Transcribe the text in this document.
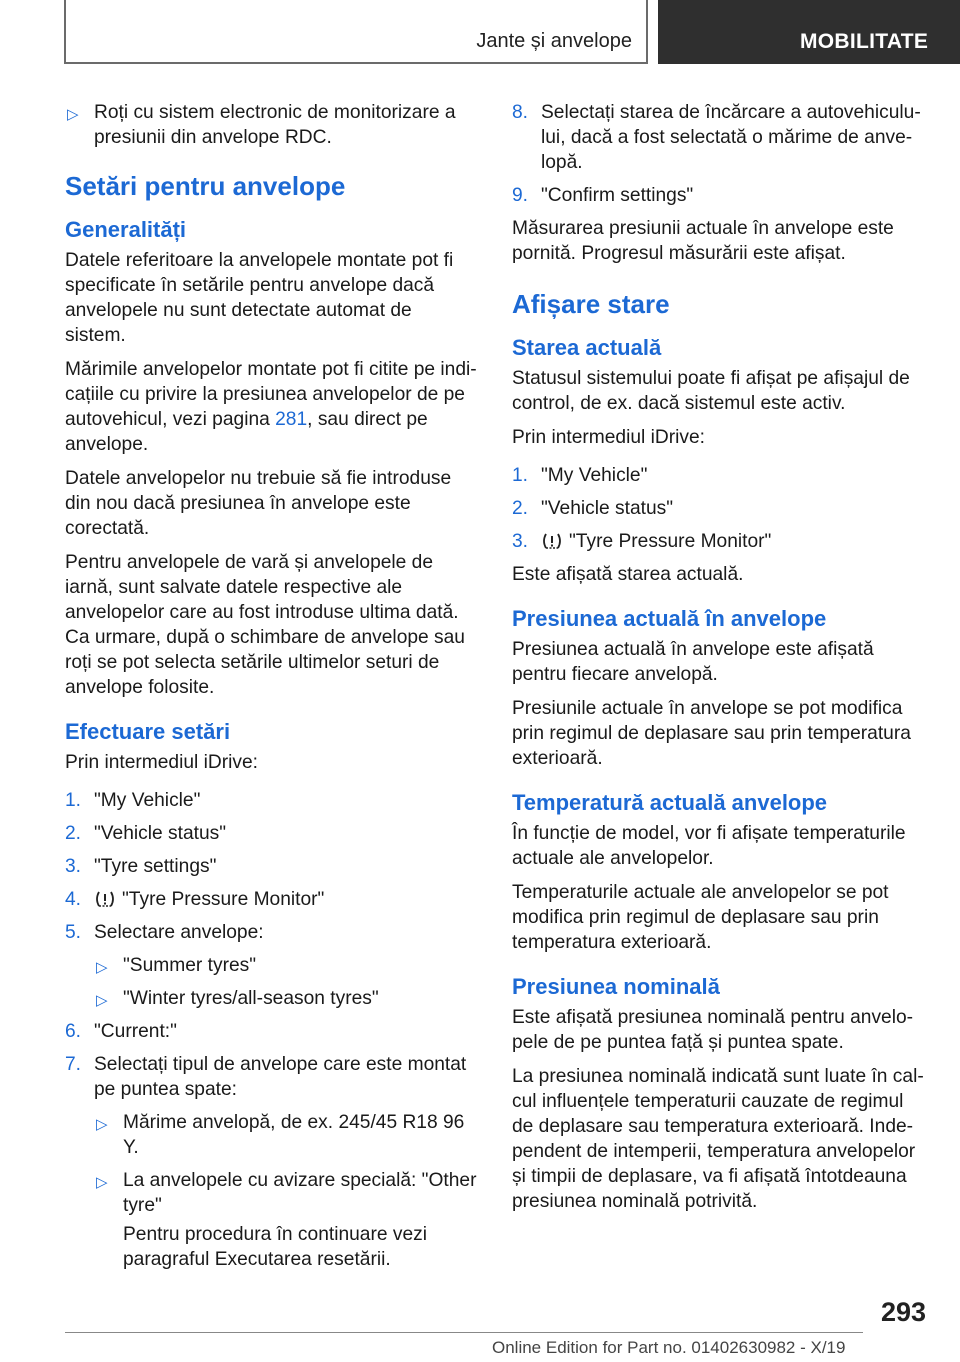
Jante și anvelope	MOBILITATE
▷ Roți cu sistem electronic de monitorizare a presiunii din anvelope RDC.
Setări pentru anvelope
Generalități

Datele referitoare la anvelopele montate pot fi specificate în setările pentru anvelope dacă anvelopele nu sunt detectate automat de sistem.

Mărimile anvelopelor montate pot fi citite pe indicațiile cu privire la presiunea anvelopelor de pe autovehicul, vezi pagina 281, sau direct pe anvelope.

Datele anvelopelor nu trebuie să fie introduse din nou dacă presiunea în anvelope este corectată.

Pentru anvelopele de vară și anvelopele de iarnă, sunt salvate datele respective ale anvelopelor care au fost introduse ultima dată. Ca urmare, după o schimbare de anvelope sau roți se pot selecta setările ultimelor seturi de anvelope folosite.

Efectuare setări

Prin intermediul iDrive:

1. "My Vehicle"
2. "Vehicle status"
3. "Tyre settings"
4. "Tyre Pressure Monitor"
5. Selectare anvelope:
▷ "Summer tyres"
▷ "Winter tyres/all-season tyres"
6. "Current:"
7. Selectați tipul de anvelope care este montat pe puntea spate:
▷ Mărime anvelopă, de ex. 245/45 R18 96 Y.
▷ La anvelopele cu avizare specială: "Other tyre"

Pentru procedura în continuare vezi paragraful Executarea resetării.

8. Selectați starea de încărcare a autovehiculului, dacă a fost selectată o mărime de anvelopă.
9. "Confirm settings"

Măsurarea presiunii actuale în anvelope este pornită. Progresul măsurării este afișat.

Afișare stare
Starea actuală

Statusul sistemului poate fi afișat pe afișajul de control, de ex. dacă sistemul este activ.

Prin intermediul iDrive:

1. "My Vehicle"
2. "Vehicle status"
3. "Tyre Pressure Monitor"

Este afișată starea actuală.

Presiunea actuală în anvelope

Presiunea actuală în anvelope este afișată pentru fiecare anvelopă.

Presiunile actuale în anvelope se pot modifica prin regimul de deplasare sau prin temperatura exterioară.

Temperatură actuală anvelope

În funcție de model, vor fi afișate temperaturile actuale ale anvelopelor.

Temperaturile actuale ale anvelopelor se pot modifica prin regimul de deplasare sau prin temperatura exterioară.

Presiunea nominală

Este afișată presiunea nominală pentru anvelopele de pe puntea față și puntea spate.

La presiunea nominală indicată sunt luate în calcul influențele temperaturii cauzate de regimul de deplasare sau temperatura exterioară. Independent de intemperii, temperatura anvelopelor și timpii de deplasare, va fi afișată întotdeauna presiunea nominală potrivită.

293
Online Edition for Part no. 01402630982 - X/19
